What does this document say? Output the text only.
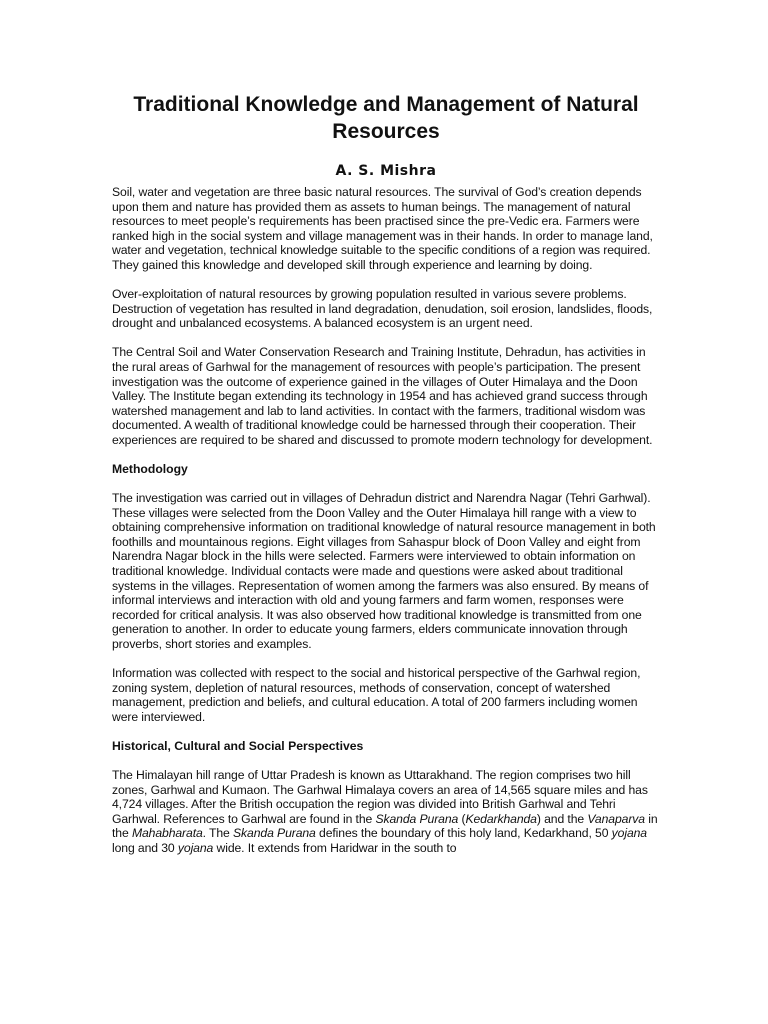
Traditional Knowledge and Management of Natural Resources
A. S. Mishra

Soil, water and vegetation are three basic natural resources. The survival of God’s creation depends upon them and nature has provided them as assets to human beings. The management of natural resources to meet people’s requirements has been practised since the pre-Vedic era. Farmers were ranked high in the social system and village management was in their hands. In order to manage land, water and vegetation, technical knowledge suitable to the specific conditions of a region was required. They gained this knowledge and developed skill through experience and learning by doing.

Over-exploitation of natural resources by growing population resulted in various severe problems. Destruction of vegetation has resulted in land degradation, denudation, soil erosion, landslides, floods, drought and unbalanced ecosystems. A balanced ecosystem is an urgent need.

The Central Soil and Water Conservation Research and Training Institute, Dehradun, has activities in the rural areas of Garhwal for the management of resources with people’s participation. The present investigation was the outcome of experience gained in the villages of Outer Himalaya and the Doon Valley. The Institute began extending its technology in 1954 and has achieved grand success through watershed management and lab to land activities. In contact with the farmers, traditional wisdom was documented. A wealth of traditional knowledge could be harnessed through their cooperation. Their experiences are required to be shared and discussed to promote modern technology for development.

Methodology

The investigation was carried out in villages of Dehradun district and Narendra Nagar (Tehri Garhwal). These villages were selected from the Doon Valley and the Outer Himalaya hill range with a view to obtaining comprehensive information on traditional knowledge of natural resource management in both foothills and mountainous regions. Eight villages from Sahaspur block of Doon Valley and eight from Narendra Nagar block in the hills were selected. Farmers were interviewed to obtain information on traditional knowledge. Individual contacts were made and questions were asked about traditional systems in the villages. Representation of women among the farmers was also ensured. By means of informal interviews and interaction with old and young farmers and farm women, responses were recorded for critical analysis. It was also observed how traditional knowledge is transmitted from one generation to another. In order to educate young farmers, elders communicate innovation through proverbs, short stories and examples.

Information was collected with respect to the social and historical perspective of the Garhwal region, zoning system, depletion of natural resources, methods of conservation, concept of watershed management, prediction and beliefs, and cultural education. A total of 200 farmers including women were interviewed.

Historical, Cultural and Social Perspectives

The Himalayan hill range of Uttar Pradesh is known as Uttarakhand. The region comprises two hill zones, Garhwal and Kumaon. The Garhwal Himalaya covers an area of 14,565 square miles and has 4,724 villages. After the British occupation the region was divided into British Garhwal and Tehri Garhwal. References to Garhwal are found in the Skanda Purana (Kedarkhanda) and the Vanaparva in the Mahabharata. The Skanda Purana defines the boundary of this holy land, Kedarkhand, 50 yojana long and 30 yojana wide. It extends from Haridwar in the south to
